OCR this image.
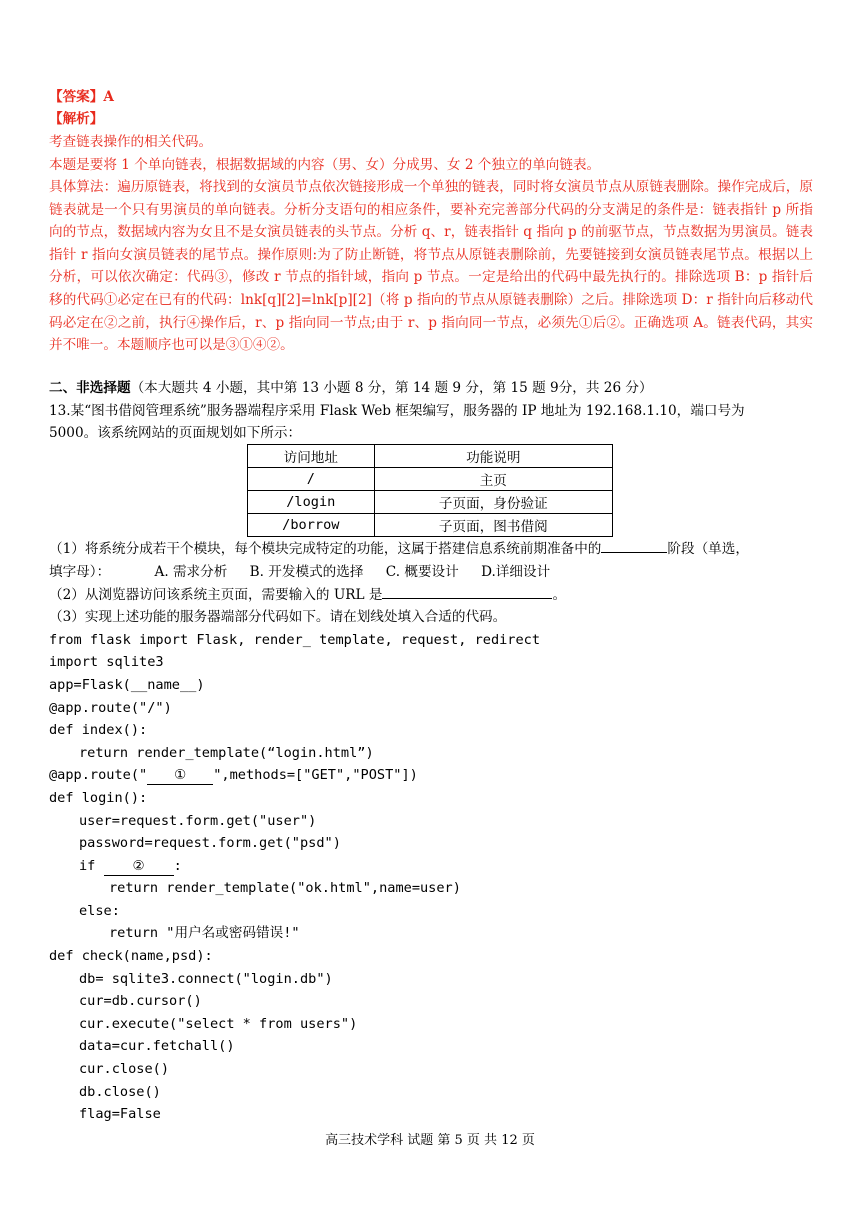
【答案】A
【解析】
考查链表操作的相关代码。
本题是要将 1 个单向链表，根据数据域的内容（男、女）分成男、女 2 个独立的单向链表。
具体算法：遍历原链表，将找到的女演员节点依次链接形成一个单独的链表，同时将女演员节点从原链表删除。操作完成后，原链表就是一个只有男演员的单向链表。分析分支语句的相应条件，要补充完善部分代码的分支满足的条件是：链表指针 p 所指向的节点，数据域内容为女且不是女演员链表的头节点。分析 q、r，链表指针 q 指向 p 的前驱节点，节点数据为男演员。链表指针 r 指向女演员链表的尾节点。操作原则:为了防止断链，将节点从原链表删除前，先要链接到女演员链表尾节点。根据以上分析，可以依次确定：代码③，修改 r 节点的指针域，指向 p 节点。一定是给出的代码中最先执行的。排除选项 B：p 指针后移的代码①必定在已有的代码：lnk[q][2]=lnk[p][2]（将 p 指向的节点从原链表删除）之后。排除选项 D：r 指针向后移动代码必定在②之前，执行④操作后，r、p 指向同一节点;由于 r、p 指向同一节点，必须先①后②。正确选项 A。链表代码，其实并不唯一。本题顺序也可以是③①④②。
二、非选择题（本大题共 4 小题，其中第 13 小题 8 分，第 14 题 9 分，第 15 题 9分，共 26 分）
13.某“图书借阅管理系统”服务器端程序采用 Flask Web 框架编写，服务器的 IP 地址为 192.168.1.10，端口号为
5000。该系统网站的页面规划如下所示：
访问地址	功能说明
/	主页
/login	子页面，身份验证
/borrow	子页面，图书借阅
（1）将系统分成若干个模块，每个模块完成特定的功能，这属于搭建信息系统前期准备中的	阶段（单选，
填字母）：	A. 需求分析 B. 开发模式的选择 C. 概要设计 D.详细设计
（2）从浏览器访问该系统主页面，需要输入的 URL 是	。
（3）实现上述功能的服务器端部分代码如下。请在划线处填入合适的代码。
from flask import Flask, render_ template, request, redirect
import sqlite3
app=Flask(__name__)
@app.route("/")
def index():
return render_template(“login.html”)
@app.route(" ① ",methods=["GET","POST"])
def login():
user=request.form.get("user")
password=request.form.get("psd")
if ② :
return render_template("ok.html",name=user)
else:
return "用户名或密码错误!"
def check(name,psd):
db= sqlite3.connect("login.db")
cur=db.cursor()
cur.execute("select * from users")
data=cur.fetchall()
cur.close()
db.close()
flag=False
高三技术学科 试题 第 5 页 共 12 页
